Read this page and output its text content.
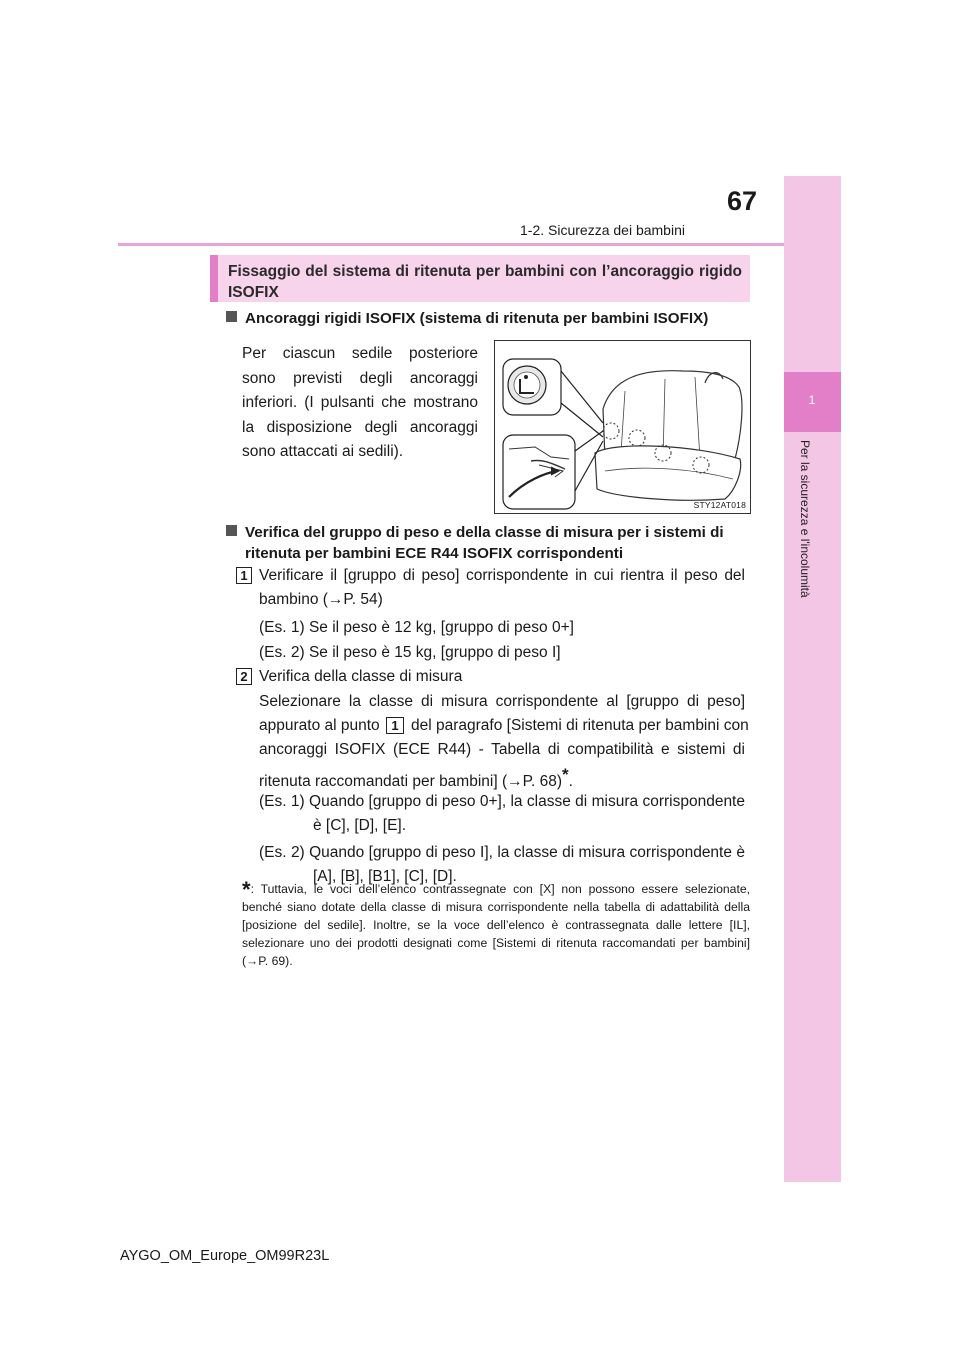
67
1-2. Sicurezza dei bambini
1
Per la sicurezza e l'incolumità
Fissaggio del sistema di ritenuta per bambini con l’ancoraggio rigido ISOFIX
Ancoraggi rigidi ISOFIX (sistema di ritenuta per bambini ISOFIX)
Per ciascun sedile posteriore sono previsti degli ancoraggi inferiori. (I pulsanti che mostrano la disposizione degli ancoraggi sono attaccati ai sedili).
STY12AT018
Verifica del gruppo di peso e della classe di misura per i sistemi di
ritenuta per bambini ECE R44 ISOFIX corrispondenti
1 Verificare il [gruppo di peso] corrispondente in cui rientra il peso del
bambino (→P. 54)
(Es. 1) Se il peso è 12 kg, [gruppo di peso 0+]
(Es. 2) Se il peso è 15 kg, [gruppo di peso I]
2 Verifica della classe di misura
Selezionare la classe di misura corrispondente al [gruppo di peso]
appurato al punto 1 del paragrafo [Sistemi di ritenuta per bambini con
ancoraggi ISOFIX (ECE R44) - Tabella di compatibilità e sistemi di
ritenuta raccomandati per bambini] (→P. 68)*.
(Es. 1) Quando [gruppo di peso 0+], la classe di misura corrispondente
è [C], [D], [E].
(Es. 2) Quando [gruppo di peso I], la classe di misura corrispondente è
[A], [B], [B1], [C], [D].
*: Tuttavia, le voci dell’elenco contrassegnate con [X] non possono essere selezionate, benché siano dotate della classe di misura corrispondente nella tabella di adattabilità della [posizione del sedile]. Inoltre, se la voce dell’elenco è contrassegnata dalle lettere [IL], selezionare uno dei prodotti designati come [Sistemi di ritenuta raccomandati per bambini] (→P. 69).
AYGO_OM_Europe_OM99R23L
